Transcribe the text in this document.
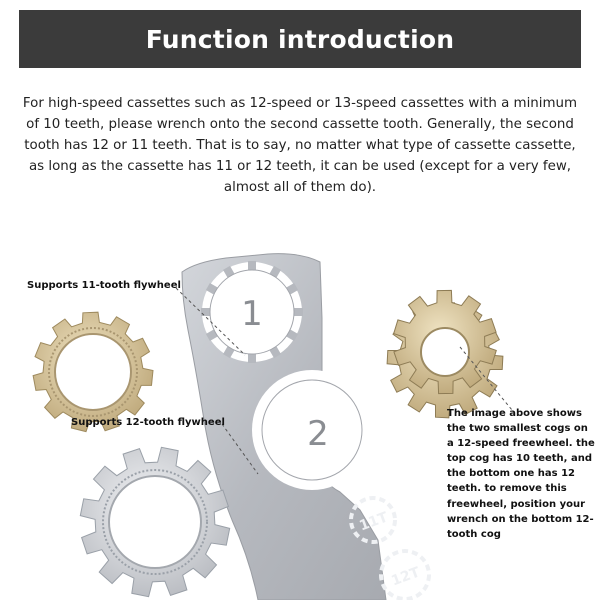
Function introduction
For high-speed cassettes such as 12-speed or 13-speed cassettes with a minimum of 10 teeth, please wrench onto the second cassette tooth. Generally, the second tooth has 12 or 11 teeth. That is to say, no matter what type of cassette cassette, as long as the cassette has 11 or 12 teeth, it can be used (except for a very few, almost all of them do).
1
2
11T
12T
Supports 11-tooth flywheel
Supports 12-tooth flywheel
The image above shows the two smallest cogs on a 12-speed freewheel. the top cog has 10 teeth, and the bottom one has 12 teeth. to remove this freewheel, position your wrench on the bottom 12-tooth cog
